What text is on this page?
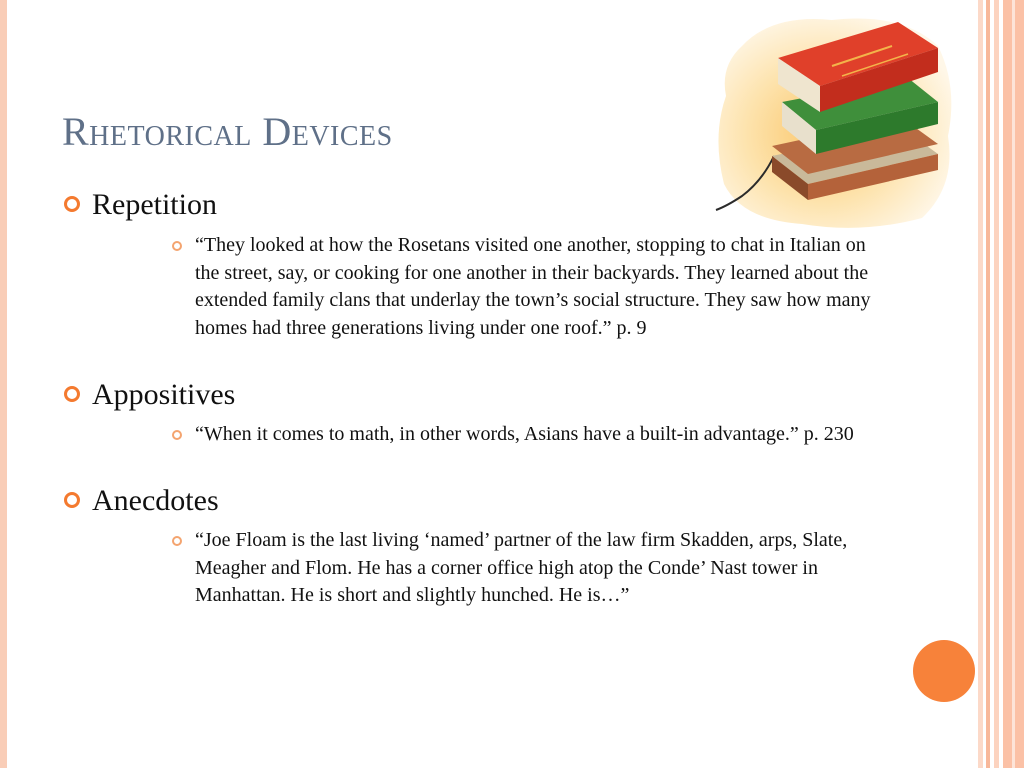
Rhetorical Devices
Repetition
“They looked at how the Rosetans visited one another, stopping to chat in Italian on the street, say, or cooking for one another in their backyards. They learned about the extended family clans that underlay the town’s social structure. They saw how many homes had three generations living under one roof.” p. 9
Appositives
“When it comes to math, in other words, Asians have a built-in advantage.” p. 230
Anecdotes
“Joe Floam is the last living ‘named’ partner of the law firm Skadden, arps, Slate, Meagher and Flom. He has a corner office high atop the Conde’ Nast tower in Manhattan. He is short and slightly hunched. He is…”
